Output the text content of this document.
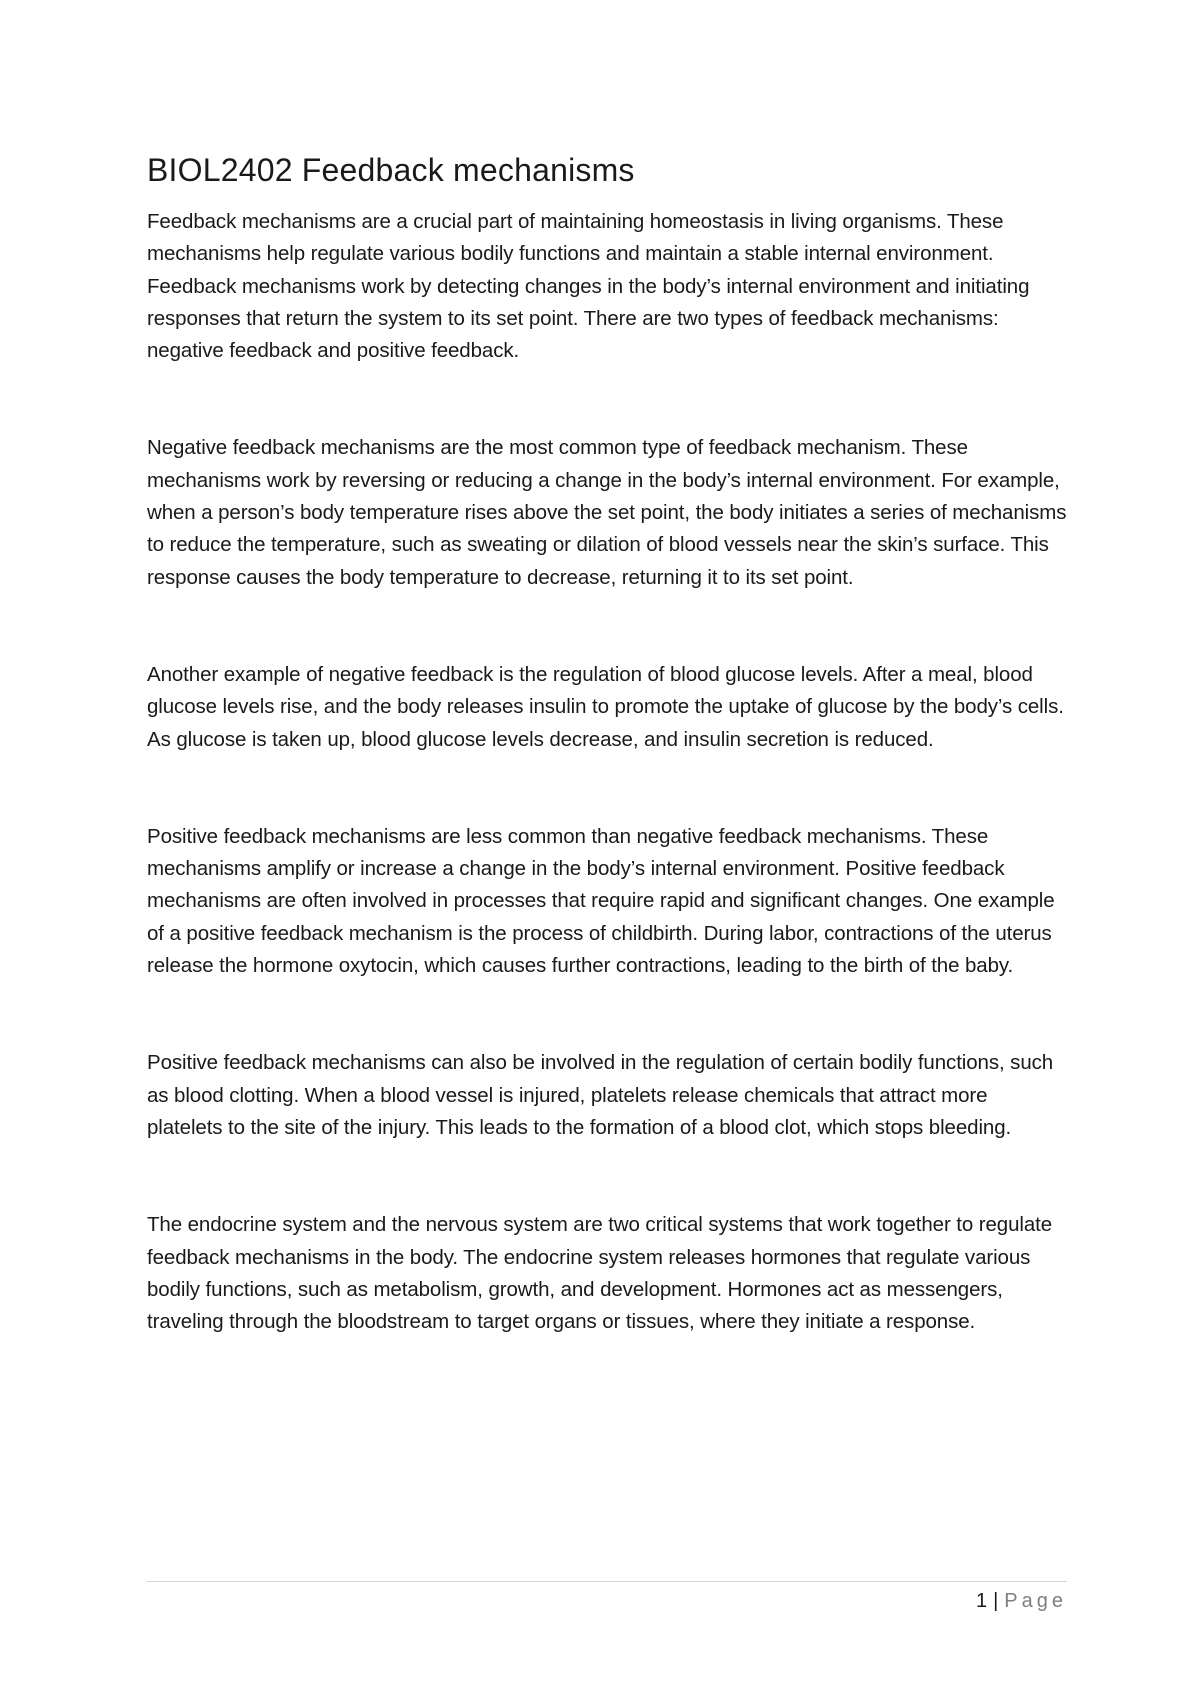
BIOL2402 Feedback mechanisms

Feedback mechanisms are a crucial part of maintaining homeostasis in living organisms. These mechanisms help regulate various bodily functions and maintain a stable internal environment. Feedback mechanisms work by detecting changes in the body’s internal environment and initiating responses that return the system to its set point. There are two types of feedback mechanisms: negative feedback and positive feedback.

Negative feedback mechanisms are the most common type of feedback mechanism. These mechanisms work by reversing or reducing a change in the body’s internal environment. For example, when a person’s body temperature rises above the set point, the body initiates a series of mechanisms to reduce the temperature, such as sweating or dilation of blood vessels near the skin’s surface. This response causes the body temperature to decrease, returning it to its set point.

Another example of negative feedback is the regulation of blood glucose levels. After a meal, blood glucose levels rise, and the body releases insulin to promote the uptake of glucose by the body’s cells. As glucose is taken up, blood glucose levels decrease, and insulin secretion is reduced.

Positive feedback mechanisms are less common than negative feedback mechanisms. These mechanisms amplify or increase a change in the body’s internal environment. Positive feedback mechanisms are often involved in processes that require rapid and significant changes. One example of a positive feedback mechanism is the process of childbirth. During labor, contractions of the uterus release the hormone oxytocin, which causes further contractions, leading to the birth of the baby.

Positive feedback mechanisms can also be involved in the regulation of certain bodily functions, such as blood clotting. When a blood vessel is injured, platelets release chemicals that attract more platelets to the site of the injury. This leads to the formation of a blood clot, which stops bleeding.

The endocrine system and the nervous system are two critical systems that work together to regulate feedback mechanisms in the body. The endocrine system releases hormones that regulate various bodily functions, such as metabolism, growth, and development. Hormones act as messengers, traveling through the bloodstream to target organs or tissues, where they initiate a response.

1 | Page
